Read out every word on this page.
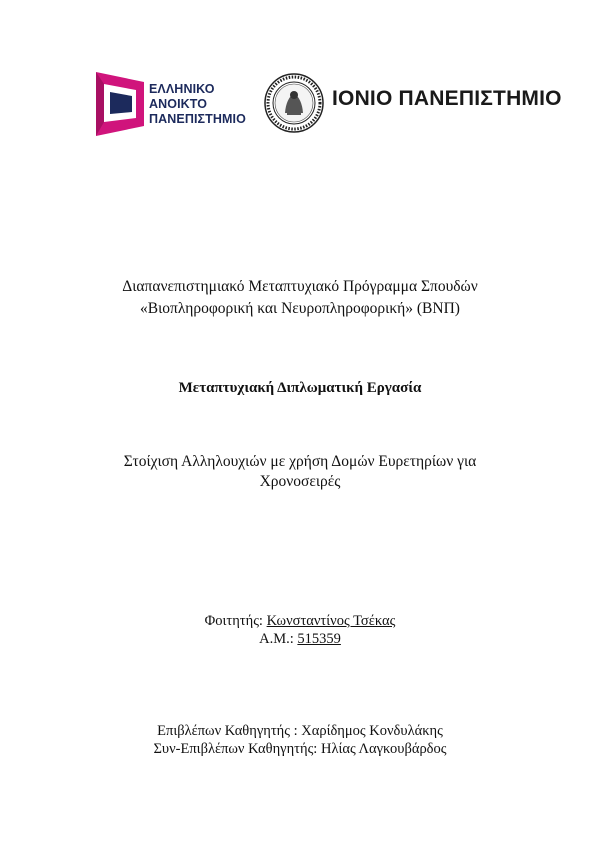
ΕΛΛΗΝΙΚΟ
ΑΝΟΙΚΤΟ
ΠΑΝΕΠΙΣΤΗΜΙΟ
ΙΟΝΙΟ ΠΑΝΕΠΙΣΤΗΜΙΟ
Διαπανεπιστημιακό Μεταπτυχιακό Πρόγραμμα Σπουδών
«Βιοπληροφορική και Νευροπληροφορική» (ΒΝΠ)
Μεταπτυχιακή Διπλωματική Εργασία
Στοίχιση Αλληλουχιών με χρήση Δομών Ευρετηρίων για
Χρονοσειρές
Φοιτητής: Κωνσταντίνος Τσέκας
Α.Μ.: 515359
Επιβλέπων Καθηγητής : Χαρίδημος Κονδυλάκης
Συν-Επιβλέπων Καθηγητής: Ηλίας Λαγκουβάρδος
